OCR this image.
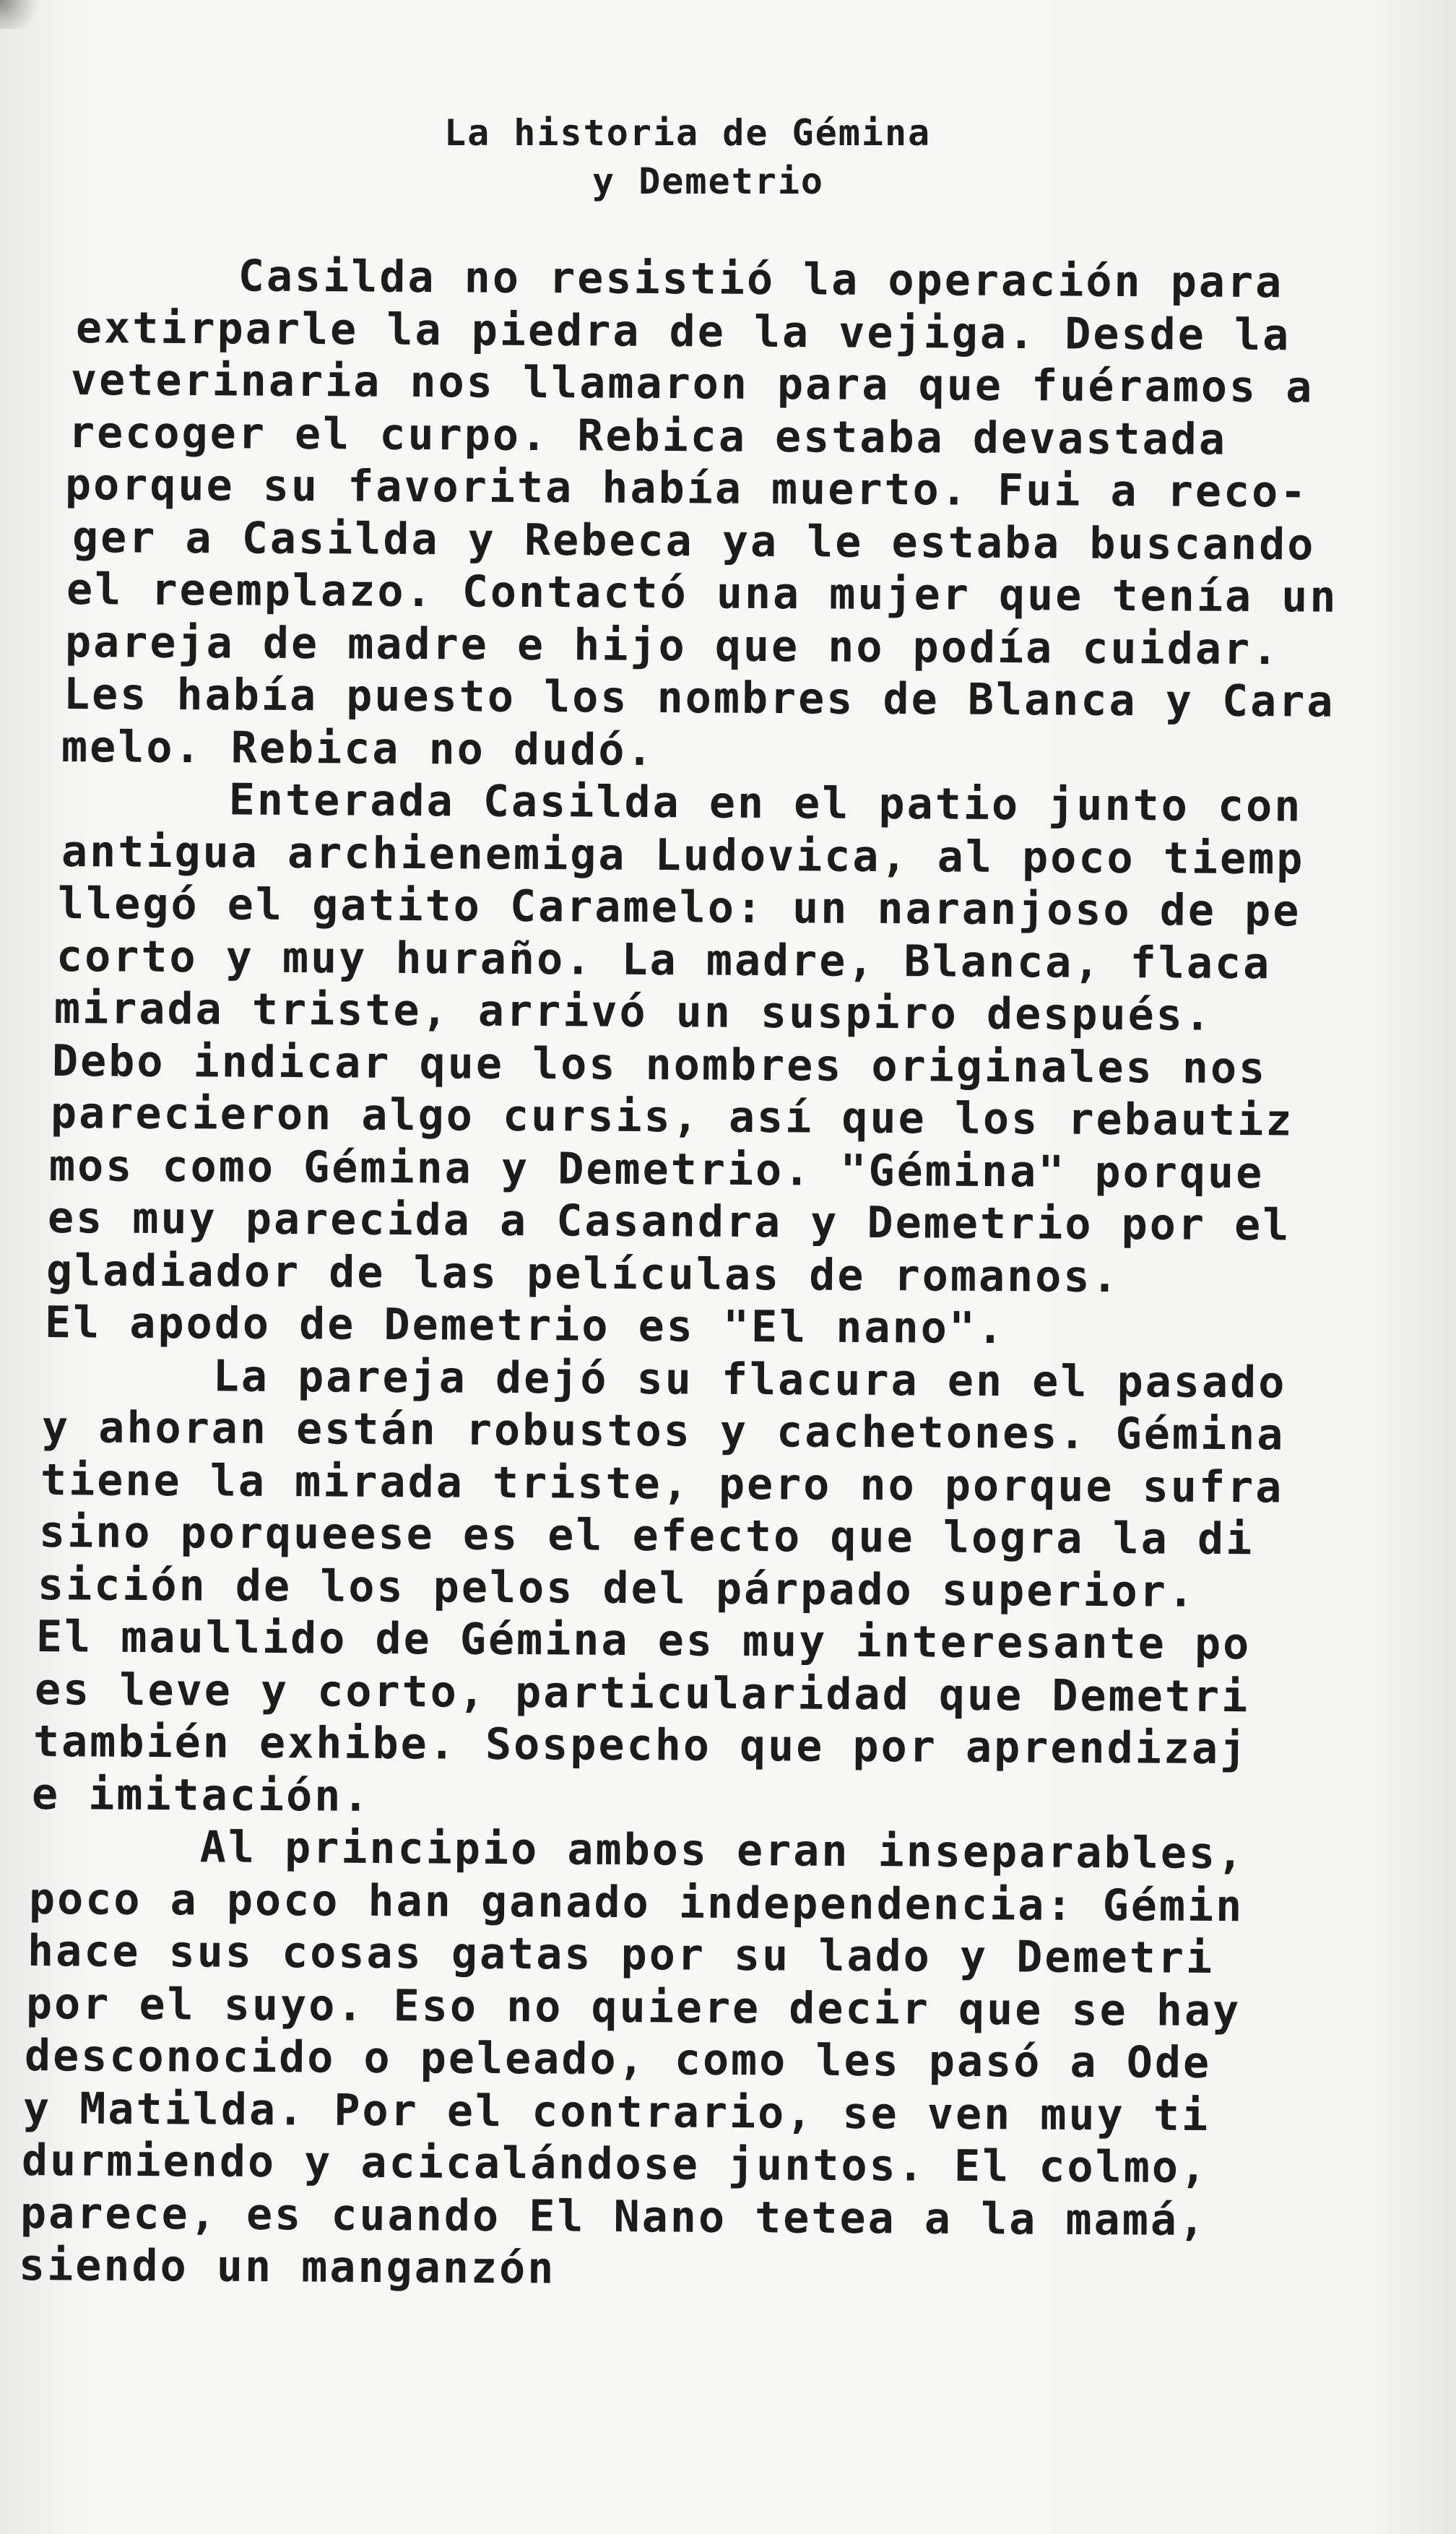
La historia de Gémina
y Demetrio
Casilda no resistió la operación para
extirparle la piedra de la vejiga. Desde la
veterinaria nos llamaron para que fuéramos a
recoger el curpo. Rebica estaba devastada
porque su favorita había muerto. Fui a reco-
ger a Casilda y Rebeca ya le estaba buscando
el reemplazo. Contactó una mujer que tenía un
pareja de madre e hijo que no podía cuidar.
Les había puesto los nombres de Blanca y Cara
melo. Rebica no dudó.
Enterada Casilda en el patio junto con
antigua archienemiga Ludovica, al poco tiemp
llegó el gatito Caramelo: un naranjoso de pe
corto y muy huraño. La madre, Blanca, flaca
mirada triste, arrivó un suspiro después.
Debo indicar que los nombres originales nos
parecieron algo cursis, así que los rebautiz
mos como Gémina y Demetrio. "Gémina" porque
es muy parecida a Casandra y Demetrio por el
gladiador de las películas de romanos.
El apodo de Demetrio es "El nano".
La pareja dejó su flacura en el pasado
y ahoran están robustos y cachetones. Gémina
tiene la mirada triste, pero no porque sufra
sino porqueese es el efecto que logra la di
sición de los pelos del párpado superior.
El maullido de Gémina es muy interesante po
es leve y corto, particularidad que Demetri
también exhibe. Sospecho que por aprendizaj
e imitación.
Al principio ambos eran inseparables,
poco a poco han ganado independencia: Gémin
hace sus cosas gatas por su lado y Demetri
por el suyo. Eso no quiere decir que se hay
desconocido o peleado, como les pasó a Ode
y Matilda. Por el contrario, se ven muy ti
durmiendo y acicalándose juntos. El colmo,
parece, es cuando El Nano tetea a la mamá,
siendo un manganzón
